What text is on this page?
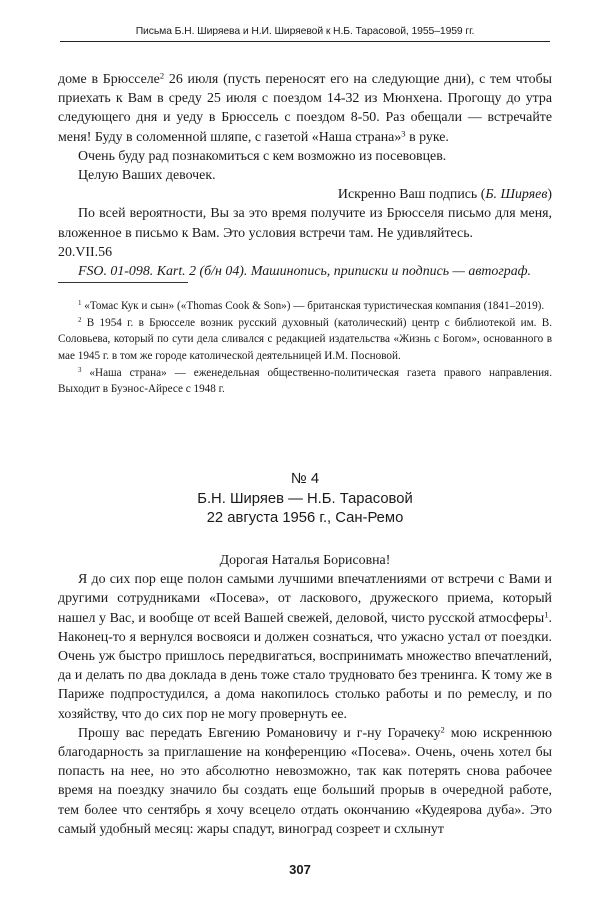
Письма Б.Н. Ширяева и Н.И. Ширяевой к Н.Б. Тарасовой, 1955–1959 гг.

доме в Брюсселе$^2$ 26 июля (пусть переносят его на следующие дни), с тем чтобы приехать к Вам в среду 25 июля с поездом 14-32 из Мюнхена. Прогощу до утра следующего дня и уеду в Брюссель с поездом 8-50. Раз обещали — встречайте меня! Буду в соломенной шляпе, с газетой «Наша страна»$^3$ в руке.

Очень буду рад познакомиться с кем возможно из посевовцев.

Целую Ваших девочек.

Искренно Ваш подпись (Б. Ширяев)

По всей вероятности, Вы за это время получите из Брюсселя письмо для меня, вложенное в письмо к Вам. Это условия встречи там. Не удивляйтесь.

20.VII.56

FSO. 01-098. Kart. 2 (б/н 04). Машинопись, приписки и подпись — автограф.

$^1$ «Томас Кук и сын» («Thomas Cook & Son») — британская туристическая компания (1841–2019).

$^2$ В 1954 г. в Брюсселе возник русский духовный (католический) центр с библиотекой им. В. Соловьева, который по сути дела сливался с редакцией издательства «Жизнь с Богом», основанного в мае 1945 г. в том же городе католической деятельницей И.М. Посновой.

$^3$ «Наша страна» — еженедельная общественно-политическая газета правого направления. Выходит в Буэнос-Айресе с 1948 г.

№ 4
Б.Н. Ширяев — Н.Б. Тарасовой
22 августа 1956 г., Сан-Ремо

Дорогая Наталья Борисовна!

Я до сих пор еще полон самыми лучшими впечатлениями от встречи с Вами и другими сотрудниками «Посева», от ласкового, дружеского приема, который нашел у Вас, и вообще от всей Вашей свежей, деловой, чисто русской атмосферы$^1$. Наконец-то я вернулся восвояси и должен сознаться, что ужасно устал от поездки. Очень уж быстро пришлось передвигаться, воспринимать множество впечатлений, да и делать по два доклада в день тоже стало трудновато без тренинга. К тому же в Париже подпростудился, а дома накопилось столько работы и по ремеслу, и по хозяйству, что до сих пор не могу провернуть ее.

Прошу вас передать Евгению Романовичу и г-ну Горачеку$^2$ мою искреннюю благодарность за приглашение на конференцию «Посева». Очень, очень хотел бы попасть на нее, но это абсолютно невозможно, так как потерять снова рабочее время на поездку значило бы создать еще больший прорыв в очередной работе, тем более что сентябрь я хочу всецело отдать окончанию «Кудеярова дуба». Это самый удобный месяц: жары спадут, виноград созреет и схлынут

307
